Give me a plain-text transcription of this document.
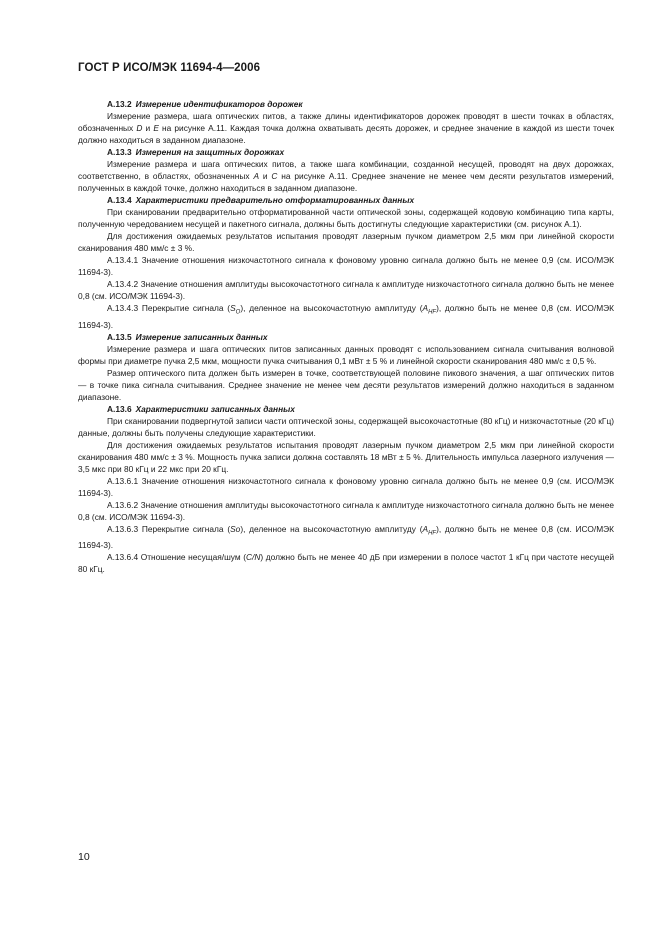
ГОСТ Р ИСО/МЭК 11694-4—2006

A.13.2 Измерение идентификаторов дорожек

Измерение размера, шага оптических питов, а также длины идентификаторов дорожек проводят в шести точках в областях, обозначенных D и E на рисунке А.11. Каждая точка должна охватывать десять дорожек, и среднее значение в каждой из шести точек должно находиться в заданном диапазоне.

A.13.3 Измерения на защитных дорожках

Измерение размера и шага оптических питов, а также шага комбинации, созданной несущей, проводят на двух дорожках, соответственно, в областях, обозначенных A и C на рисунке А.11. Среднее значение не менее чем десяти результатов измерений, полученных в каждой точке, должно находиться в заданном диапазоне.

A.13.4 Характеристики предварительно отформатированных данных

При сканировании предварительно отформатированной части оптической зоны, содержащей кодовую комбинацию типа карты, полученную чередованием несущей и пакетного сигнала, должны быть достигнуты следующие характеристики (см. рисунок А.1).

Для достижения ожидаемых результатов испытания проводят лазерным пучком диаметром 2,5 мкм при линейной скорости сканирования 480 мм/с ± 3 %.

А.13.4.1 Значение отношения низкочастотного сигнала к фоновому уровню сигнала должно быть не менее 0,9 (см. ИСО/МЭК 11694-3).

А.13.4.2 Значение отношения амплитуды высокочастотного сигнала к амплитуде низкочастотного сигнала должно быть не менее 0,8 (см. ИСО/МЭК 11694-3).

А.13.4.3 Перекрытие сигнала $(S_O)$, деленное на высокочастотную амплитуду $(A_{HF})$, должно быть не менее 0,8 (см. ИСО/МЭК 11694-3).

A.13.5 Измерение записанных данных

Измерение размера и шага оптических питов записанных данных проводят с использованием сигнала считывания волновой формы при диаметре пучка 2,5 мкм, мощности пучка считывания 0,1 мВт ± 5 % и линейной скорости сканирования 480 мм/с ± 0,5 %.

Размер оптического пита должен быть измерен в точке, соответствующей половине пикового значения, а шаг оптических питов — в точке пика сигнала считывания. Среднее значение не менее чем десяти результатов измерений должно находиться в заданном диапазоне.

A.13.6 Характеристики записанных данных

При сканировании подвергнутой записи части оптической зоны, содержащей высокочастотные (80 кГц) и низкочастотные (20 кГц) данные, должны быть получены следующие характеристики.

Для достижения ожидаемых результатов испытания проводят лазерным пучком диаметром 2,5 мкм при линейной скорости сканирования 480 мм/с ± 3 %. Мощность пучка записи должна составлять 18 мВт ± 5 %. Длительность импульса лазерного излучения — 3,5 мкс при 80 кГц и 22 мкс при 20 кГц.

А.13.6.1 Значение отношения низкочастотного сигнала к фоновому уровню сигнала должно быть не менее 0,9 (см. ИСО/МЭК 11694-3).

А.13.6.2 Значение отношения амплитуды высокочастотного сигнала к амплитуде низкочастотного сигнала должно быть не менее 0,8 (см. ИСО/МЭК 11694-3).

А.13.6.3 Перекрытие сигнала (So), деленное на высокочастотную амплитуду $(A_{HF})$, должно быть не менее 0,8 (см. ИСО/МЭК 11694-3).

А.13.6.4 Отношение несущая/шум (C/N) должно быть не менее 40 дБ при измерении в полосе частот 1 кГц при частоте несущей 80 кГц.

10
